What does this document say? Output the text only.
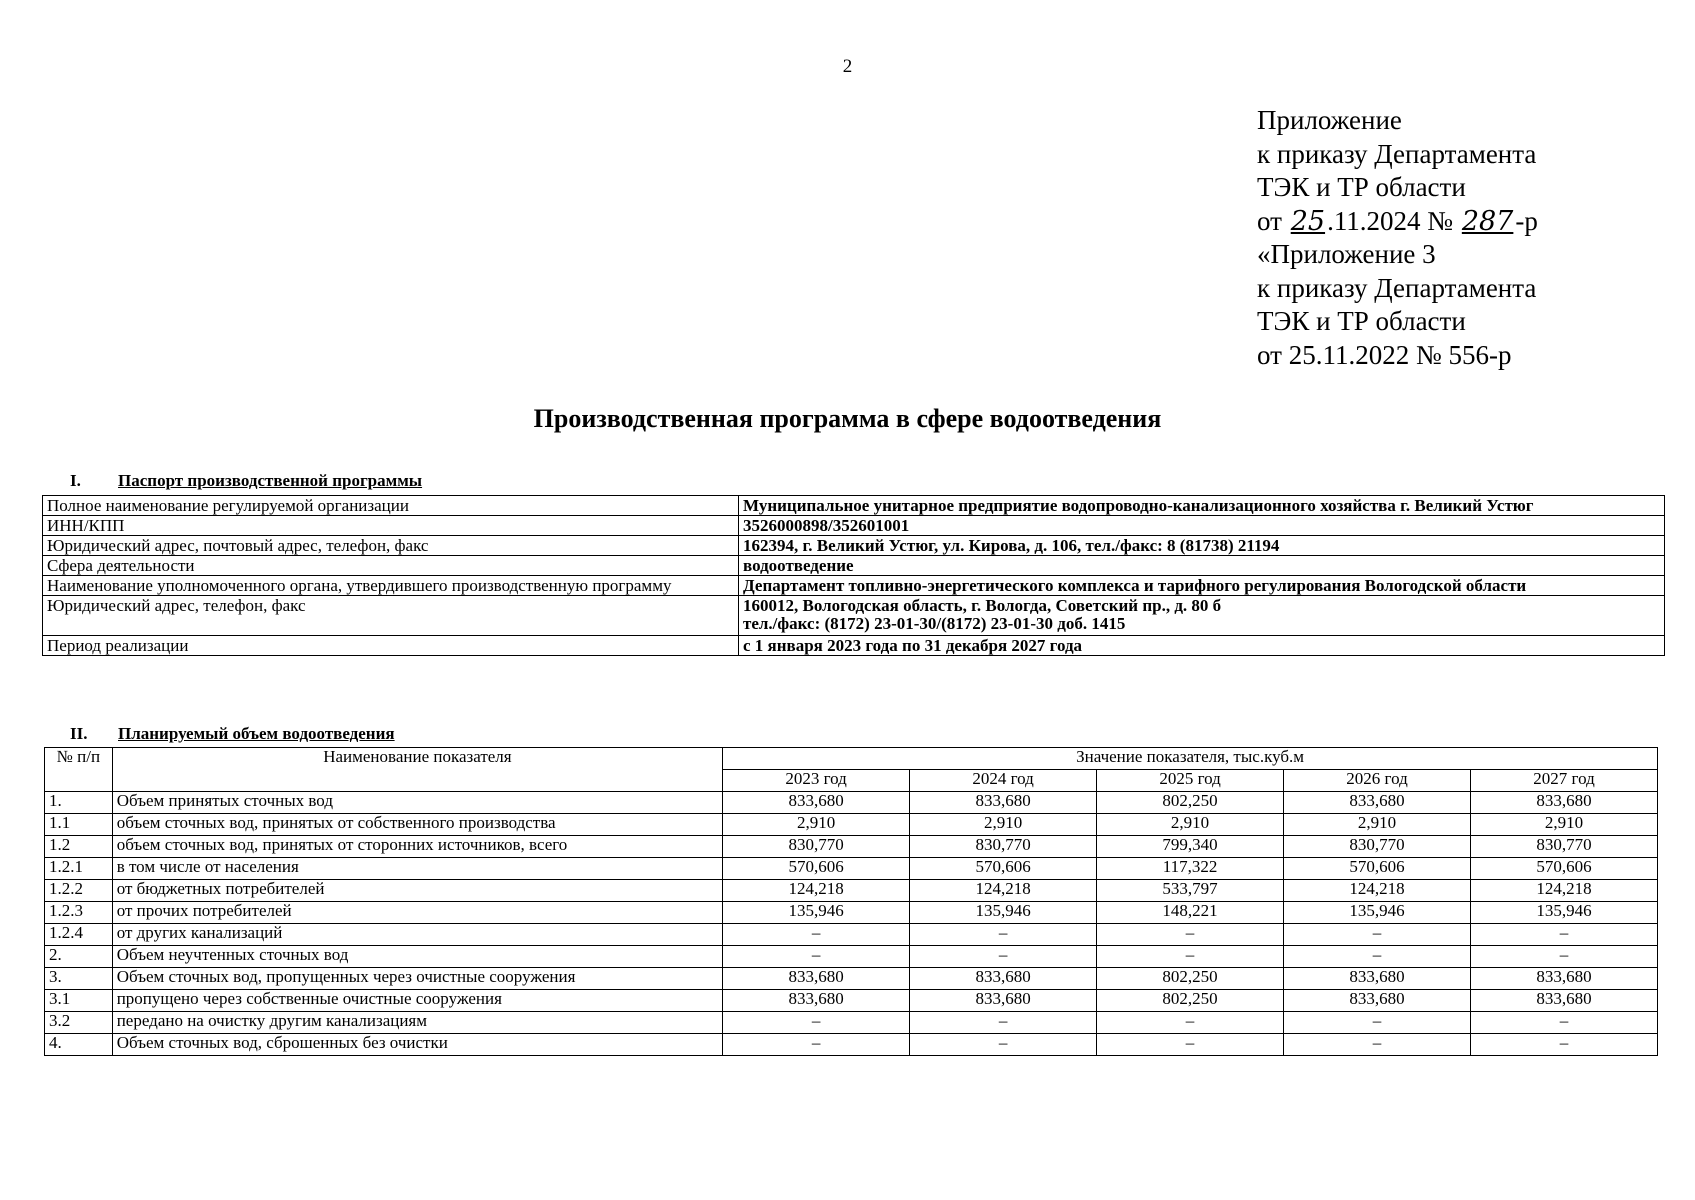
2
Приложение
к приказу Департамента
ТЭК и ТР области
от 25.11.2024 № 287-р
«Приложение 3
к приказу Департамента
ТЭК и ТР области
от 25.11.2022 № 556-р
Производственная программа в сфере водоотведения
I. Паспорт производственной программы
Полное наименование регулируемой организации	Муниципальное унитарное предприятие водопроводно-канализационного хозяйства г. Великий Устюг
ИНН/КПП	3526000898/352601001
Юридический адрес, почтовый адрес, телефон, факс	162394, г. Великий Устюг, ул. Кирова, д. 106, тел./факс: 8 (81738) 21194
Сфера деятельности	водоотведение
Наименование уполномоченного органа, утвердившего производственную программу	Департамент топливно-энергетического комплекса и тарифного регулирования Вологодской области
Юридический адрес, телефон, факс	160012, Вологодская область, г. Вологда, Советский пр., д. 80 б
тел./факс: (8172) 23-01-30/(8172) 23-01-30 доб. 1415

Период реализации	с 1 января 2023 года по 31 декабря 2027 года
II. Планируемый объем водоотведения
№ п/п	Наименование показателя	Значение показателя, тыс.куб.м				
		2023 год	2024 год	2025 год	2026 год	2027 год
1.	Объем принятых сточных вод	833,680	833,680	802,250	833,680	833,680
1.1	объем сточных вод, принятых от собственного производства	2,910	2,910	2,910	2,910	2,910
1.2	объем сточных вод, принятых от сторонних источников, всего	830,770	830,770	799,340	830,770	830,770
1.2.1	в том числе от населения	570,606	570,606	117,322	570,606	570,606
1.2.2	от бюджетных потребителей	124,218	124,218	533,797	124,218	124,218
1.2.3	от прочих потребителей	135,946	135,946	148,221	135,946	135,946
1.2.4	от других канализаций	–	–	–	–	–
2.	Объем неучтенных сточных вод	–	–	–	–	–
3.	Объем сточных вод, пропущенных через очистные сооружения	833,680	833,680	802,250	833,680	833,680
3.1	пропущено через собственные очистные сооружения	833,680	833,680	802,250	833,680	833,680
3.2	передано на очистку другим канализациям	–	–	–	–	–
4.	Объем сточных вод, сброшенных без очистки	–	–	–	–	–
